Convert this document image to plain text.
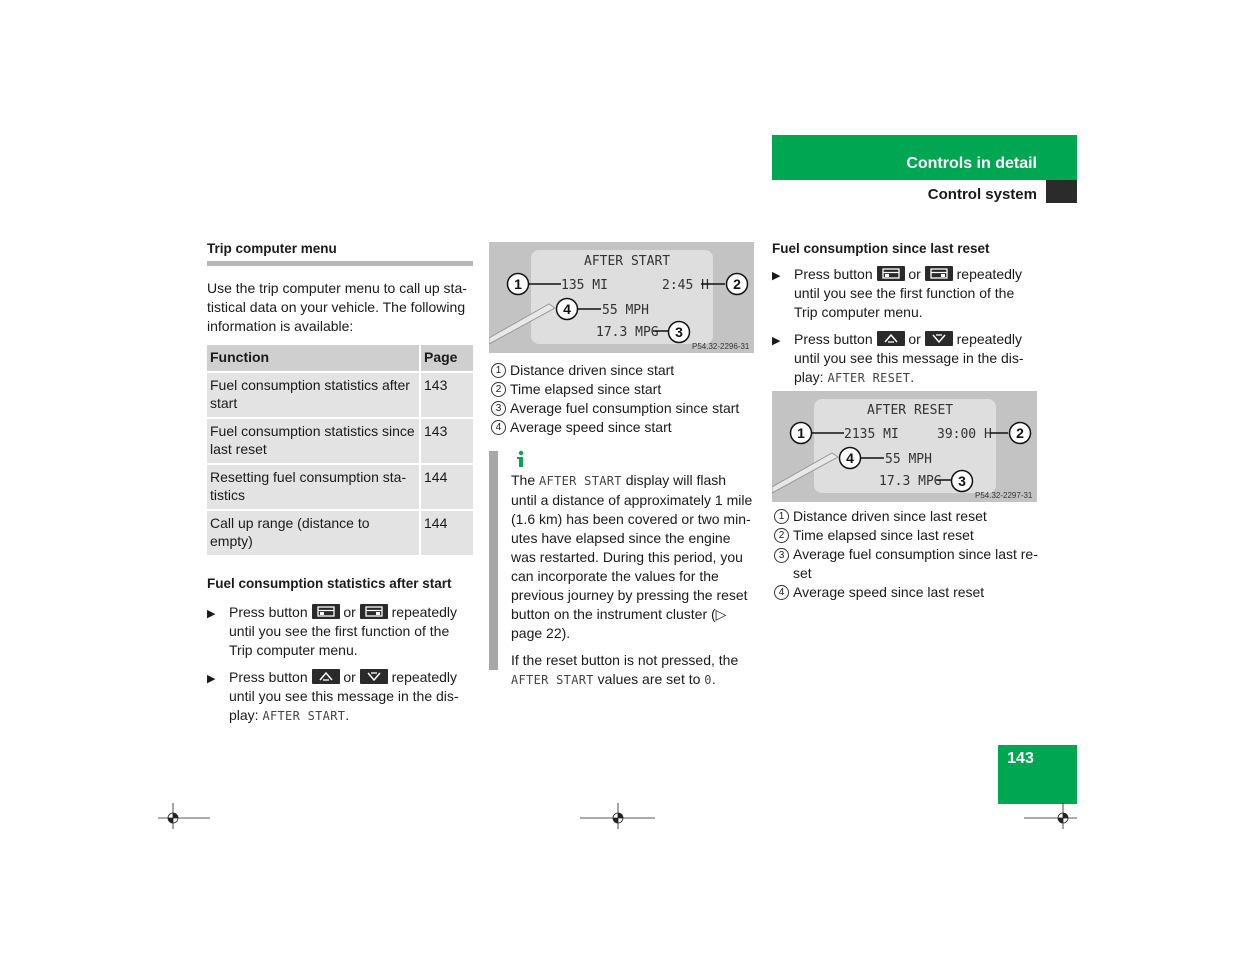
Controls in detail
Control system
Trip computer menu

Use the trip computer menu to call up sta-tistical data on your vehicle. The following information is available:

Function	Page
Fuel consumption statistics after start	143
Fuel consumption statistics since last reset	143
Resetting fuel consumption sta-tistics	144
Call up range (distance to empty)	144
Fuel consumption statistics after start
▶ Press button	or	repeatedly until you see the first function of the Trip computer menu.
▶ Press button	or	repeatedly until you see this message in the dis-play: AFTER START.
AFTER START
135 MI	2:45 H
55 MPH
17.3 MPG
1	2
3
4
P54.32-2296-31
1 Distance driven since start
2 Time elapsed since start
3 Average fuel consumption since start
4 Average speed since start

The AFTER START display will flash until a distance of approximately 1 mile (1.6 km) has been covered or two min-utes have elapsed since the engine was restarted. During this period, you can incorporate the values for the previous journey by pressing the reset button on the instrument cluster (▷ page 22).

If the reset button is not pressed, the AFTER START values are set to 0.

Fuel consumption since last reset
▶ Press button	or	repeatedly until you see the first function of the Trip computer menu.
▶ Press button	or	repeatedly until you see this message in the dis-play: AFTER RESET.
AFTER RESET
2135 MI	39:00 H
55 MPH
17.3 MPG
1	2
3
4
P54.32-2297-31
1 Distance driven since last reset
2 Time elapsed since last reset
3 Average fuel consumption since last re-set
4 Average speed since last reset
143
